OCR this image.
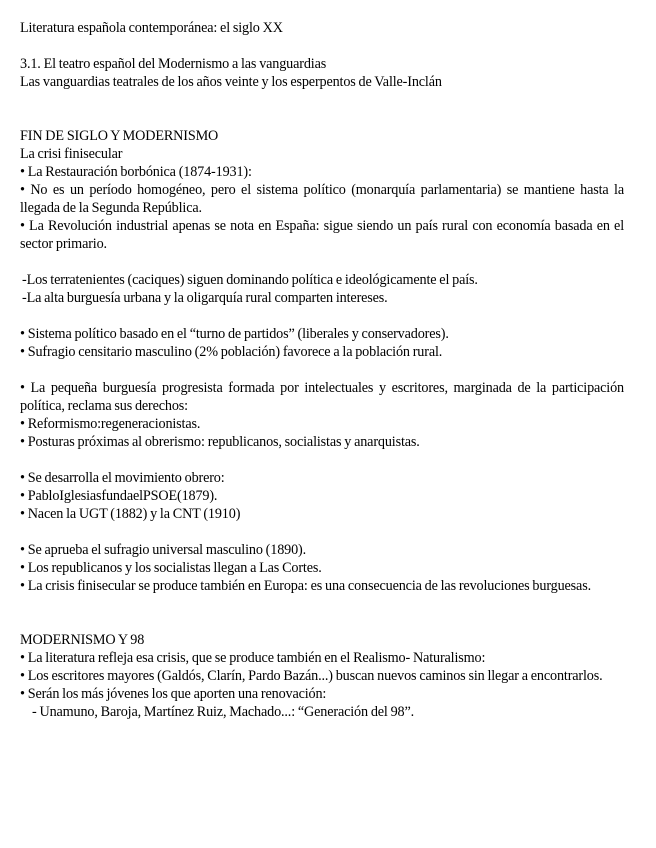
Literatura española contemporánea: el siglo XX
3.1. El teatro español del Modernismo a las vanguardias
Las vanguardias teatrales de los años veinte y los esperpentos de Valle-Inclán
FIN DE SIGLO Y MODERNISMO
La crisi finisecular
• La Restauración borbónica (1874-1931):

• No es un período homogéneo, pero el sistema político (monarquía parlamentaria) se mantiene hasta la llegada de la Segunda República.

• La Revolución industrial apenas se nota en España: sigue siendo un país rural con economía basada en el sector primario.

-Los terratenientes (caciques) siguen dominando política e ideológicamente el país.
-La alta burguesía urbana y la oligarquía rural comparten intereses.
• Sistema político basado en el “turno de partidos” (liberales y conservadores).
• Sufragio censitario masculino (2% población) favorece a la población rural.

• La pequeña burguesía progresista formada por intelectuales y escritores, marginada de la participación política, reclama sus derechos:

• Reformismo:regeneracionistas.
• Posturas próximas al obrerismo: republicanos, socialistas y anarquistas.
• Se desarrolla el movimiento obrero:
• PabloIglesiasfundaelPSOE(1879).
• Nacen la UGT (1882) y la CNT (1910)
• Se aprueba el sufragio universal masculino (1890).
• Los republicanos y los socialistas llegan a Las Cortes.

• La crisis finisecular se produce también en Europa: es una consecuencia de las revoluciones burguesas.

MODERNISMO Y 98
• La literatura refleja esa crisis, que se produce también en el Realismo- Naturalismo:

• Los escritores mayores (Galdós, Clarín, Pardo Bazán...) buscan nuevos caminos sin llegar a encontrarlos.

• Serán los más jóvenes los que aporten una renovación:
- Unamuno, Baroja, Martínez Ruiz, Machado...: “Generación del 98”.
